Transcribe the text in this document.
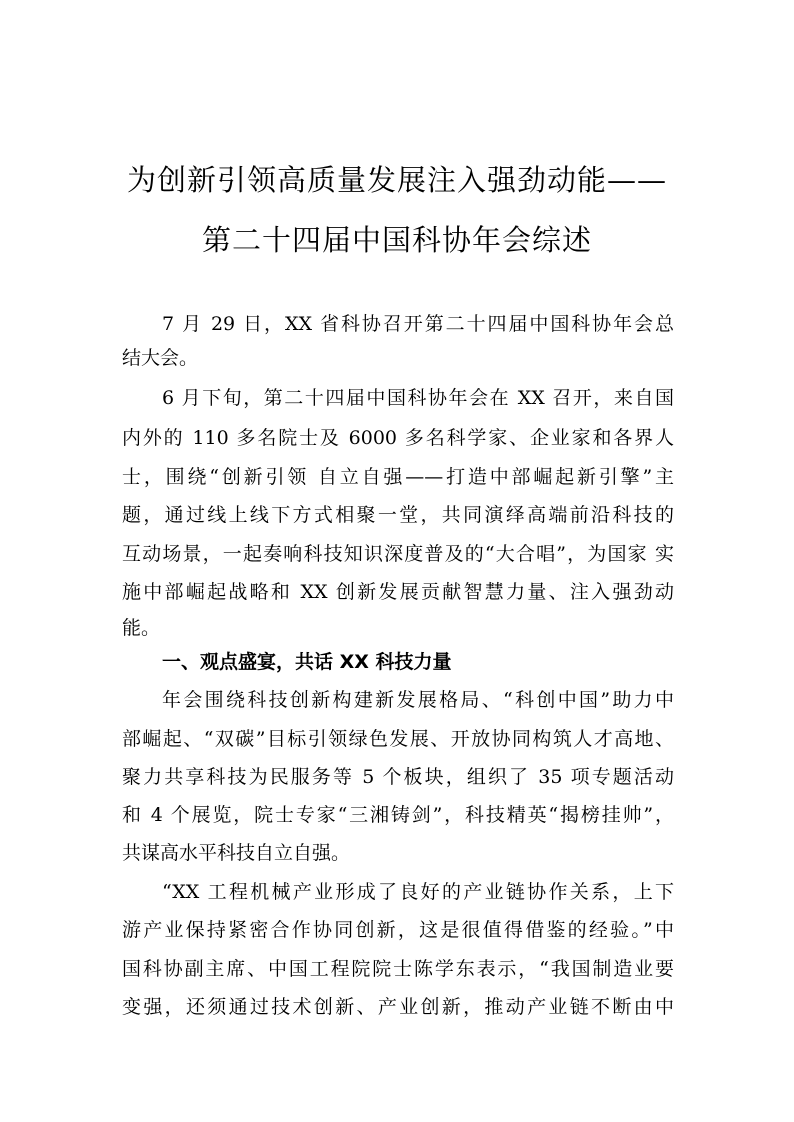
为创新引领高质量发展注入强劲动能——
第二十四届中国科协年会综述
7 月 29 日，XX 省科协召开第二十四届中国科协年会总
结大会。
6 月下旬，第二十四届中国科协年会在 XX 召开，来自国
内外的 110 多名院士及 6000 多名科学家、企业家和各界人
士，围绕“创新引领 自立自强——打造中部崛起新引擎”主
题，通过线上线下方式相聚一堂，共同演绎高端前沿科技的
互动场景，一起奏响科技知识深度普及的“大合唱”，为国家 实
施中部崛起战略和 XX 创新发展贡献智慧力量、注入强劲动
能。
一、观点盛宴，共话 XX 科技力量
年会围绕科技创新构建新发展格局、“科创中国”助力中
部崛起、“双碳”目标引领绿色发展、开放协同构筑人才高地、
聚力共享科技为民服务等 5 个板块，组织了 35 项专题活动
和 4 个展览，院士专家“三湘铸剑”，科技精英“揭榜挂帅”，
共谋高水平科技自立自强。
“XX 工程机械产业形成了良好的产业链协作关系，上下
游产业保持紧密合作协同创新，这是很值得借鉴的经验。”中
国科协副主席、中国工程院院士陈学东表示，“我国制造业要
变强，还须通过技术创新、产业创新，推动产业链不断由中
